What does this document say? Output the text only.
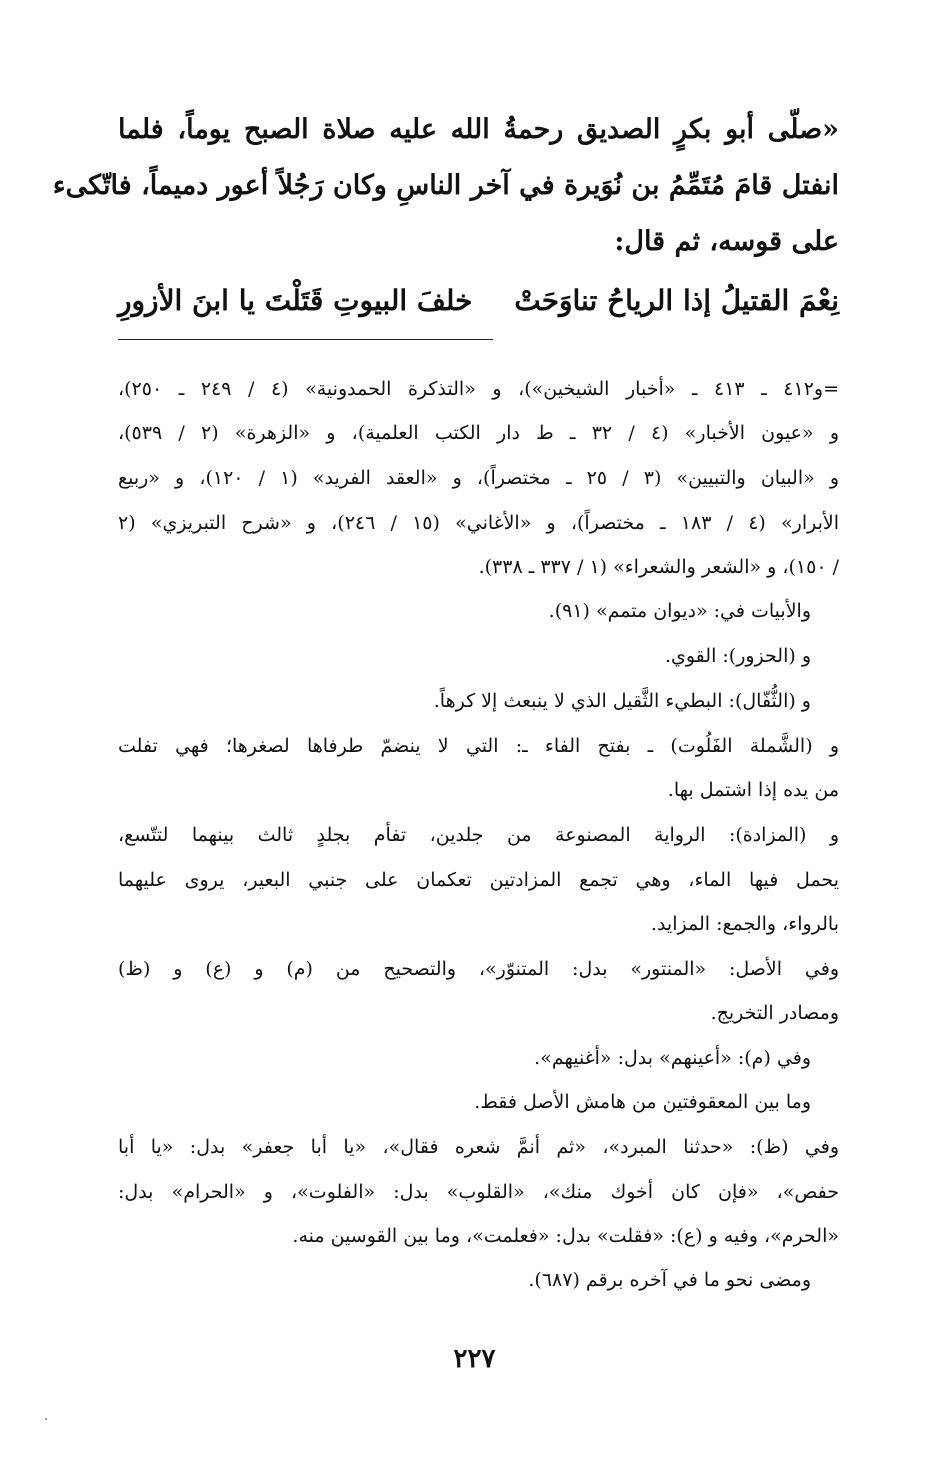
«صلّى أبو بكرٍ الصديق رحمةُ الله عليه صلاة الصبح يوماً، فلما
انفتل قامَ مُتَمِّمُ بن نُوَيرة في آخر الناسِ وكان رَجُلاً أعور دميماً، فاتّكىء
على قوسه، ثم قال:
نِعْمَ القتيلُ إذا الرياحُ تناوَحَتْ
خلفَ البيوتِ قَتَلْتَ يا ابنَ الأزورِ
=و٤١٢ ـ ٤١٣ ـ «أخبار الشيخين»)، و «التذكرة الحمدونية» (٤ / ٢٤٩ ـ ٢٥٠)،
و «عيون الأخبار» (٤ / ٣٢ ـ ط دار الكتب العلمية)، و «الزهرة» (٢ / ٥٣٩)،
و «البيان والتبيين» (٣ / ٢٥ ـ مختصراً)، و «العقد الفريد» (١ / ١٢٠)، و «ربيع
الأبرار» (٤ / ١٨٣ ـ مختصراً)، و «الأغاني» (١٥ / ٢٤٦)، و «شرح التبريزي» (٢
/ ١٥٠)، و «الشعر والشعراء» (١ / ٣٣٧ ـ ٣٣٨).
والأبيات في: «ديوان متمم» (٩١).
و (الحزور): القوي.
و (الثُّفّال): البطيء الثَّقيل الذي لا ينبعث إلا كرهاً.
و (الشَّملة الفَلُوت) ـ بفتح الفاء ـ: التي لا ينضمّ طرفاها لصغرها؛ فهي تفلت
من يده إذا اشتمل بها.
و (المزادة): الرواية المصنوعة من جلدين، تفأم بجلدٍ ثالث بينهما لتتّسع،
يحمل فيها الماء، وهي تجمع المزادتين تعكمان على جنبي البعير، يروى عليهما
بالرواء، والجمع: المزايد.
وفي الأصل: «المنتور» بدل: المتنوّر»، والتصحيح من (م) و (ع) و (ظ)
ومصادر التخريج.
وفي (م): «أعينهم» بدل: «أغنيهم».
وما بين المعقوفتين من هامش الأصل فقط.
وفي (ظ): «حدثنا المبرد»، «ثم أنمَّ شعره فقال»، «يا أبا جعفر» بدل: «يا أبا
حفص»، «فإن كان أخوك منك»، «القلوب» بدل: «الفلوت»، و «الحرام» بدل:
«الحرم»، وفيه و (ع): «فقلت» بدل: «فعلمت»، وما بين القوسين منه.
ومضى نحو ما في آخره برقم (٦٨٧).
٢٢٧
